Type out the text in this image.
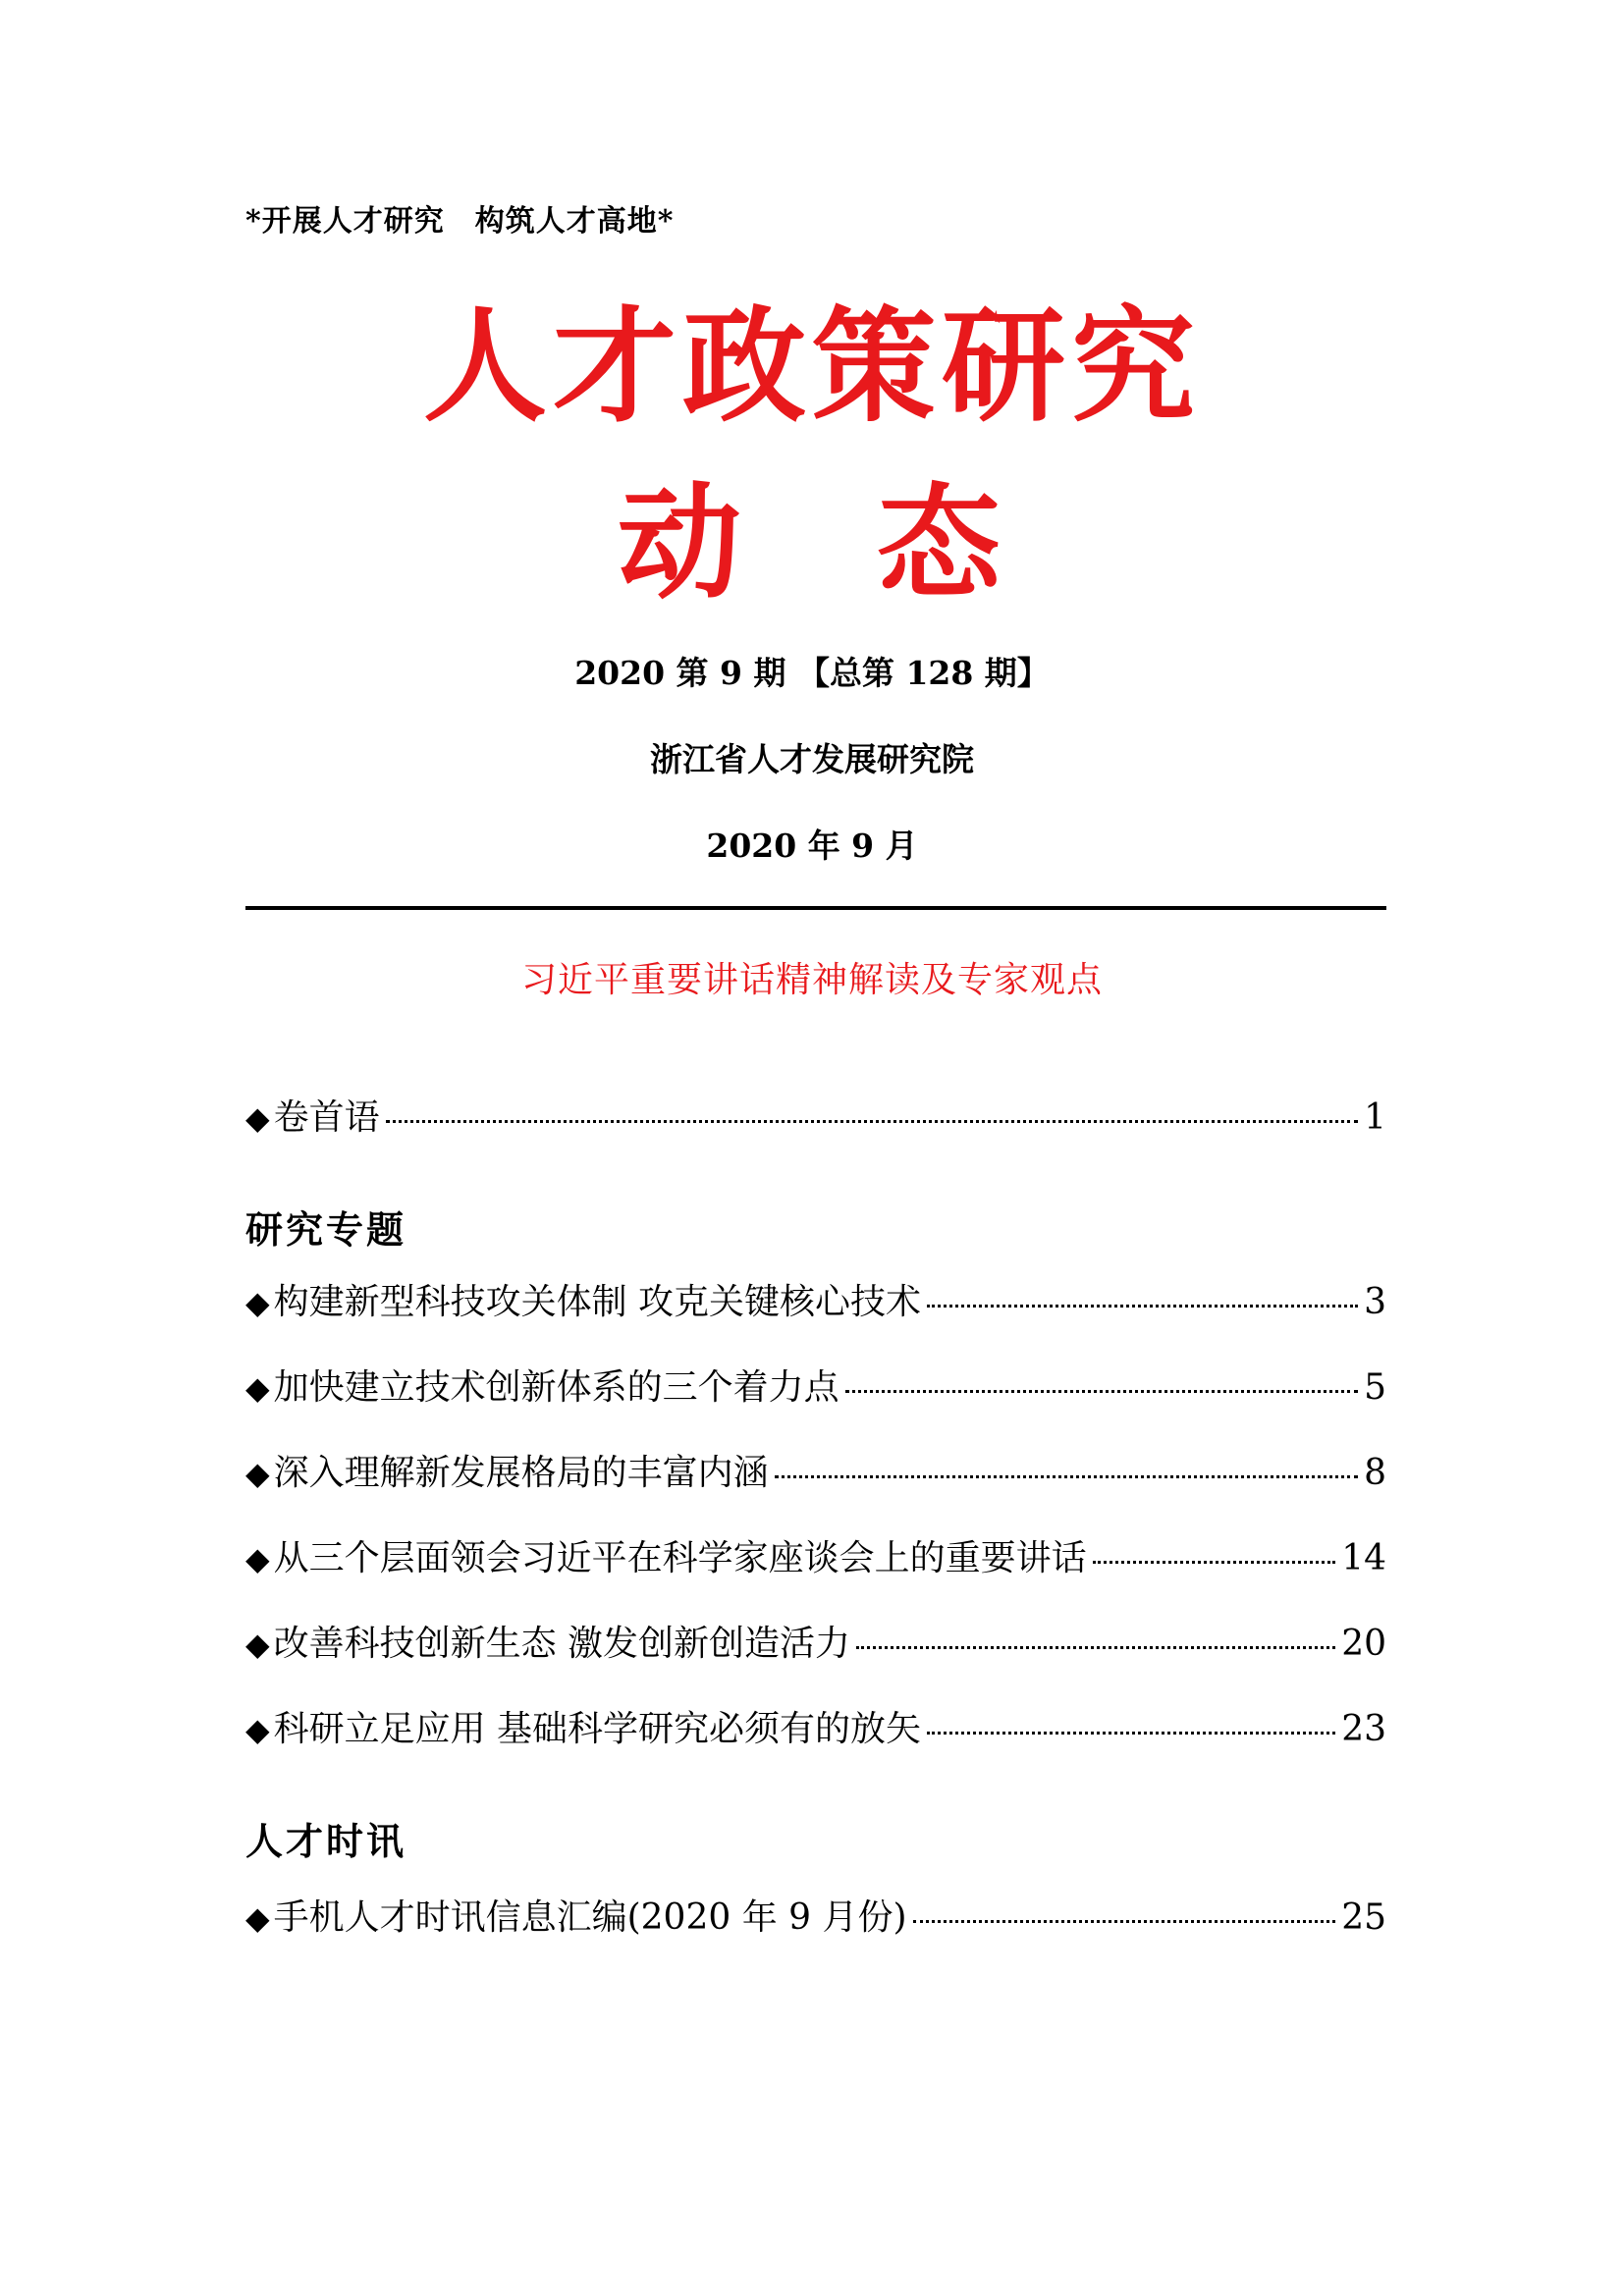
*开展人才研究　构筑人才高地*
人才政策研究
动　态
2020 第 9 期 【总第 128 期】
浙江省人才发展研究院
2020 年 9 月
习近平重要讲话精神解读及专家观点
◆ 卷首语	1
研究专题
◆ 构建新型科技攻关体制 攻克关键核心技术	3
◆ 加快建立技术创新体系的三个着力点	5
◆ 深入理解新发展格局的丰富内涵	8
◆ 从三个层面领会习近平在科学家座谈会上的重要讲话	14
◆ 改善科技创新生态 激发创新创造活力	20
◆ 科研立足应用 基础科学研究必须有的放矢	23
人才时讯
◆ 手机人才时讯信息汇编(2020 年 9 月份)	25
